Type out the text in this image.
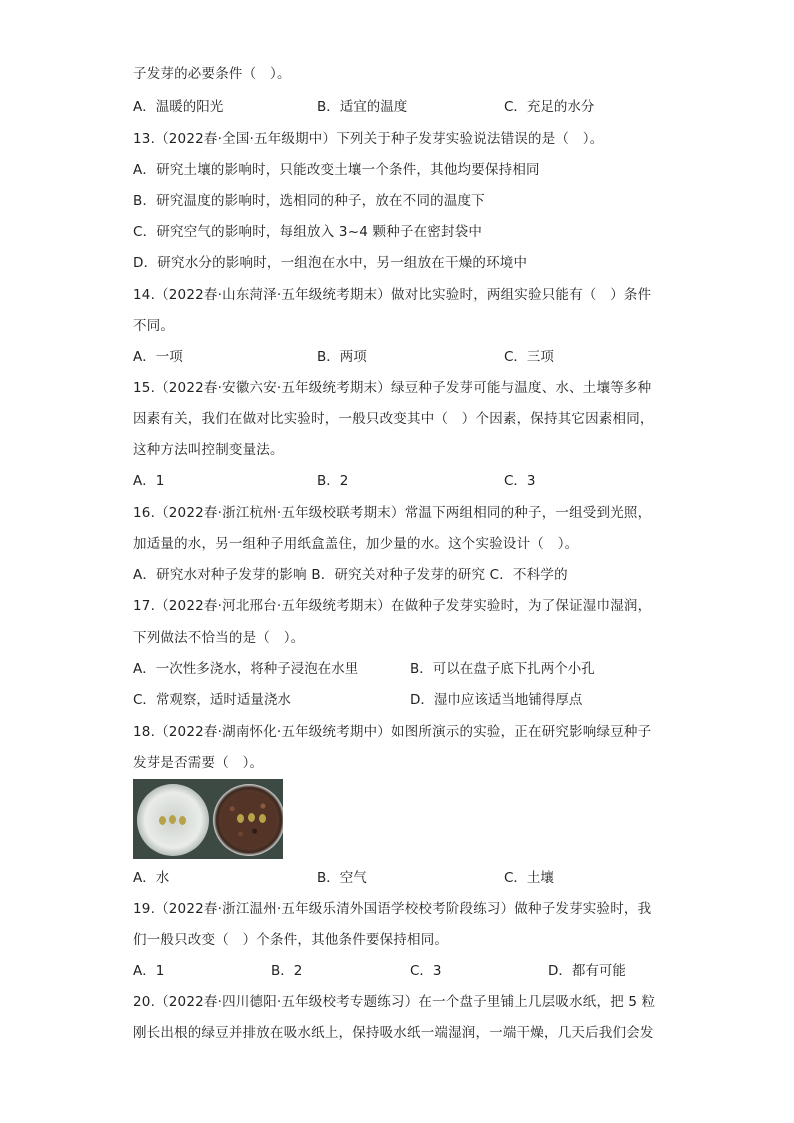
子发芽的必要条件（　）。
A．温暖的阳光	B．适宜的温度	C．充足的水分
13.（2022春·全国·五年级期中）下列关于种子发芽实验说法错误的是（　）。
A．研究土壤的影响时，只能改变土壤一个条件，其他均要保持相同
B．研究温度的影响时，选相同的种子，放在不同的温度下
C．研究空气的影响时，每组放入 3~4 颗种子在密封袋中
D．研究水分的影响时，一组泡在水中，另一组放在干燥的环境中
14.（2022春·山东菏泽·五年级统考期末）做对比实验时，两组实验只能有（　）条件
不同。
A．一项	B．两项	C．三项
15.（2022春·安徽六安·五年级统考期末）绿豆种子发芽可能与温度、水、土壤等多种
因素有关，我们在做对比实验时，一般只改变其中（　）个因素，保持其它因素相同，
这种方法叫控制变量法。
A．1	B．2	C．3
16.（2022春·浙江杭州·五年级校联考期末）常温下两组相同的种子，一组受到光照，
加适量的水，另一组种子用纸盒盖住，加少量的水。这个实验设计（　）。
A．研究水对种子发芽的影响 B．研究关对种子发芽的研究 C．不科学的
17.（2022春·河北邢台·五年级统考期末）在做种子发芽实验时，为了保证湿巾湿润，
下列做法不恰当的是（　）。
A．一次性多浇水，将种子浸泡在水里	B．可以在盘子底下扎两个小孔
C．常观察，适时适量浇水	D．湿巾应该适当地铺得厚点
18.（2022春·湖南怀化·五年级统考期中）如图所演示的实验，正在研究影响绿豆种子
发芽是否需要（　）。
A．水	B．空气	C．土壤
19.（2022春·浙江温州·五年级乐清外国语学校校考阶段练习）做种子发芽实验时，我
们一般只改变（　）个条件，其他条件要保持相同。
A．1	B．2	C．3	D．都有可能
20.（2022春·四川德阳·五年级校考专题练习）在一个盘子里铺上几层吸水纸，把 5 粒
刚长出根的绿豆并排放在吸水纸上，保持吸水纸一端湿润，一端干燥，几天后我们会发
